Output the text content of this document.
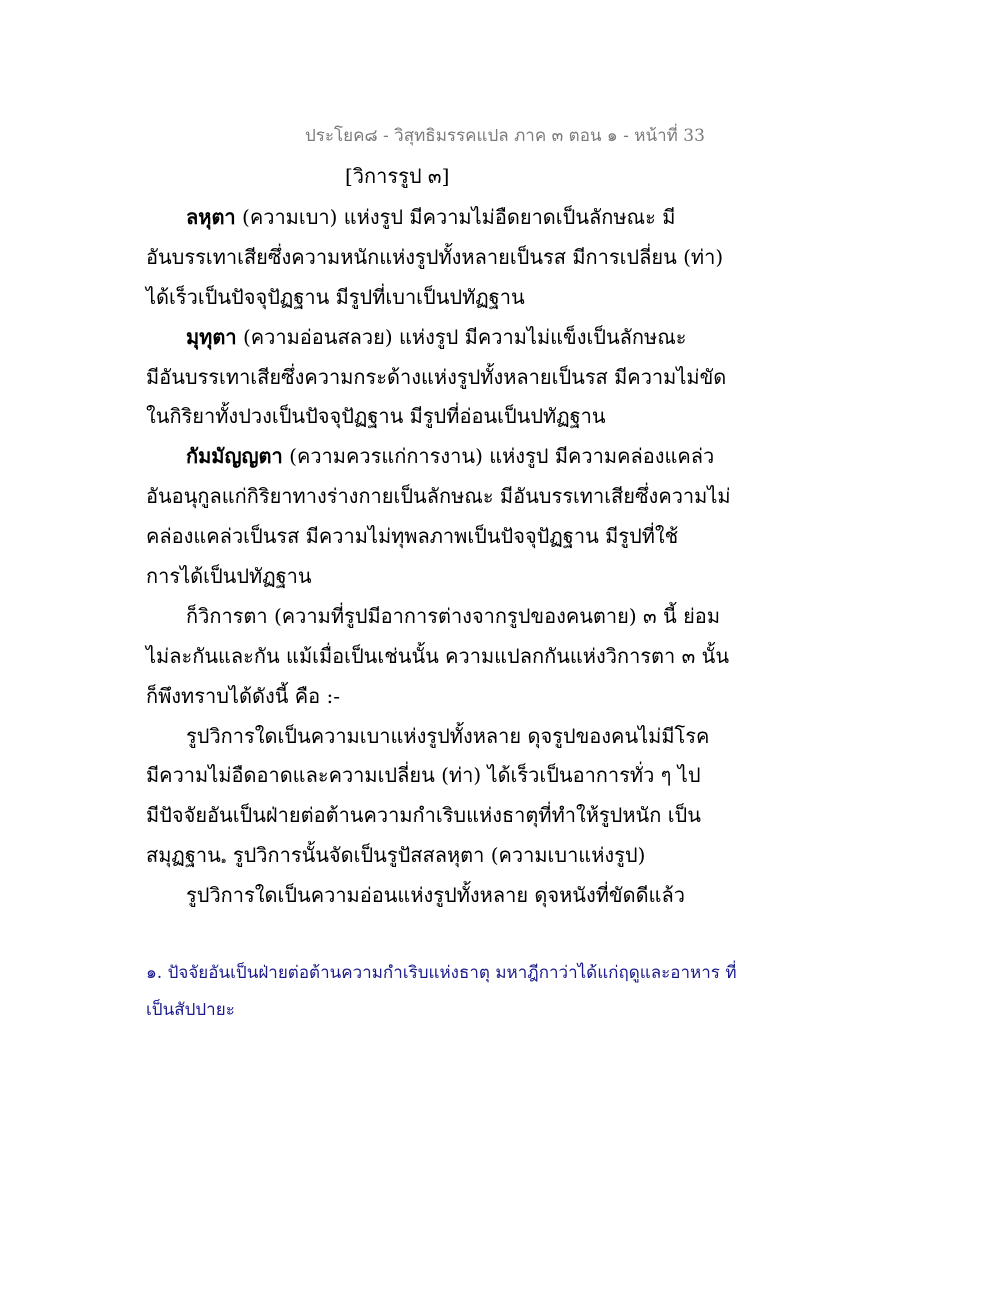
ประโยค๘ - วิสุทธิมรรคแปล ภาค ๓ ตอน ๑ - หน้าที่ 33
[วิการรูป ๓]
ลหุตา (ความเบา) แห่งรูป มีความไม่อืดยาดเป็นลักษณะ มี
อันบรรเทาเสียซึ่งความหนักแห่งรูปทั้งหลายเป็นรส มีการเปลี่ยน (ท่า)
ได้เร็วเป็นปัจจุปัฏฐาน มีรูปที่เบาเป็นปทัฏฐาน
มุทุตา (ความอ่อนสลวย) แห่งรูป มีความไม่แข็งเป็นลักษณะ
มีอันบรรเทาเสียซึ่งความกระด้างแห่งรูปทั้งหลายเป็นรส มีความไม่ขัด
ในกิริยาทั้งปวงเป็นปัจจุปัฏฐาน มีรูปที่อ่อนเป็นปทัฏฐาน
กัมมัญญตา (ความควรแก่การงาน) แห่งรูป มีความคล่องแคล่ว
อันอนุกูลแก่กิริยาทางร่างกายเป็นลักษณะ มีอันบรรเทาเสียซึ่งความไม่
คล่องแคล่วเป็นรส มีความไม่ทุพลภาพเป็นปัจจุปัฏฐาน มีรูปที่ใช้
การได้เป็นปทัฏฐาน
ก็วิการตา (ความที่รูปมีอาการต่างจากรูปของคนตาย) ๓ นี้ ย่อม
ไม่ละกันและกัน แม้เมื่อเป็นเช่นนั้น ความแปลกกันแห่งวิการตา ๓ นั้น
ก็พึงทราบได้ดังนี้ คือ :-
รูปวิการใดเป็นความเบาแห่งรูปทั้งหลาย ดุจรูปของคนไม่มีโรค
มีความไม่อืดอาดและความเปลี่ยน (ท่า) ได้เร็วเป็นอาการทั่ว ๆ ไป
มีปัจจัยอันเป็นฝ่ายต่อต้านความกำเริบแห่งธาตุที่ทำให้รูปหนัก เป็น
สมุฏฐาน$^๑$ รูปวิการนั้นจัดเป็นรูปัสสลหุตา (ความเบาแห่งรูป)
รูปวิการใดเป็นความอ่อนแห่งรูปทั้งหลาย ดุจหนังที่ขัดดีแล้ว
๑. ปัจจัยอันเป็นฝ่ายต่อต้านความกำเริบแห่งธาตุ มหาฎีกาว่าได้แก่ฤดูและอาหาร ที่
เป็นสัปปายะ
